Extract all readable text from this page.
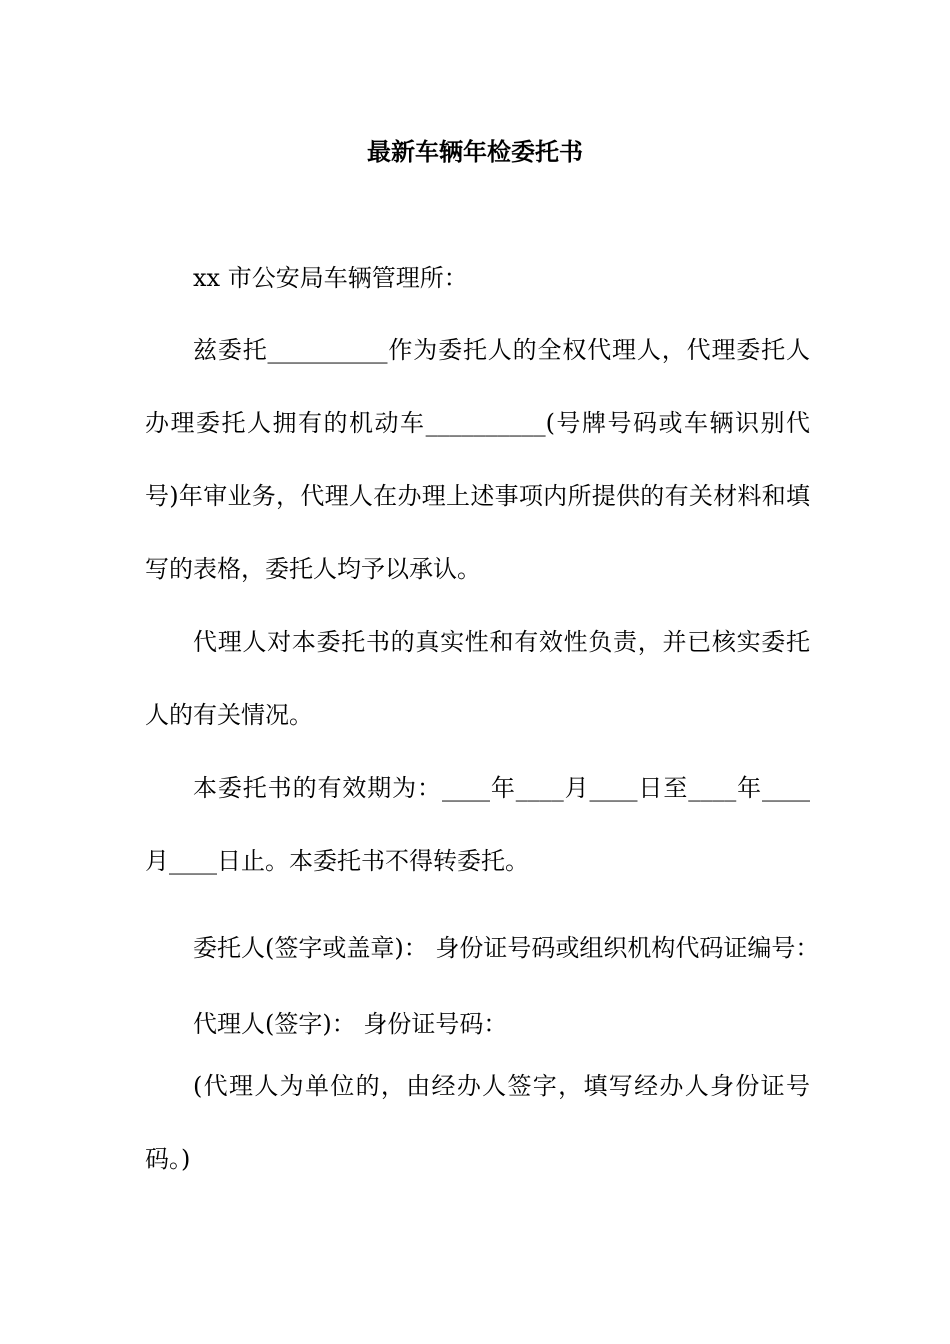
最新车辆年检委托书
xx 市公安局车辆管理所：

兹委托__________作为委托人的全权代理人，代理委托人办理委托人拥有的机动车__________(号牌号码或车辆识别代号)年审业务，代理人在办理上述事项内所提供的有关材料和填写的表格，委托人均予以承认。

代理人对本委托书的真实性和有效性负责，并已核实委托人的有关情况。

本委托书的有效期为：____年____月____日至____年____月____日止。本委托书不得转委托。

委托人(签字或盖章)： 身份证号码或组织机构代码证编号：
代理人(签字)： 身份证号码：

(代理人为单位的，由经办人签字，填写经办人身份证号码。)
